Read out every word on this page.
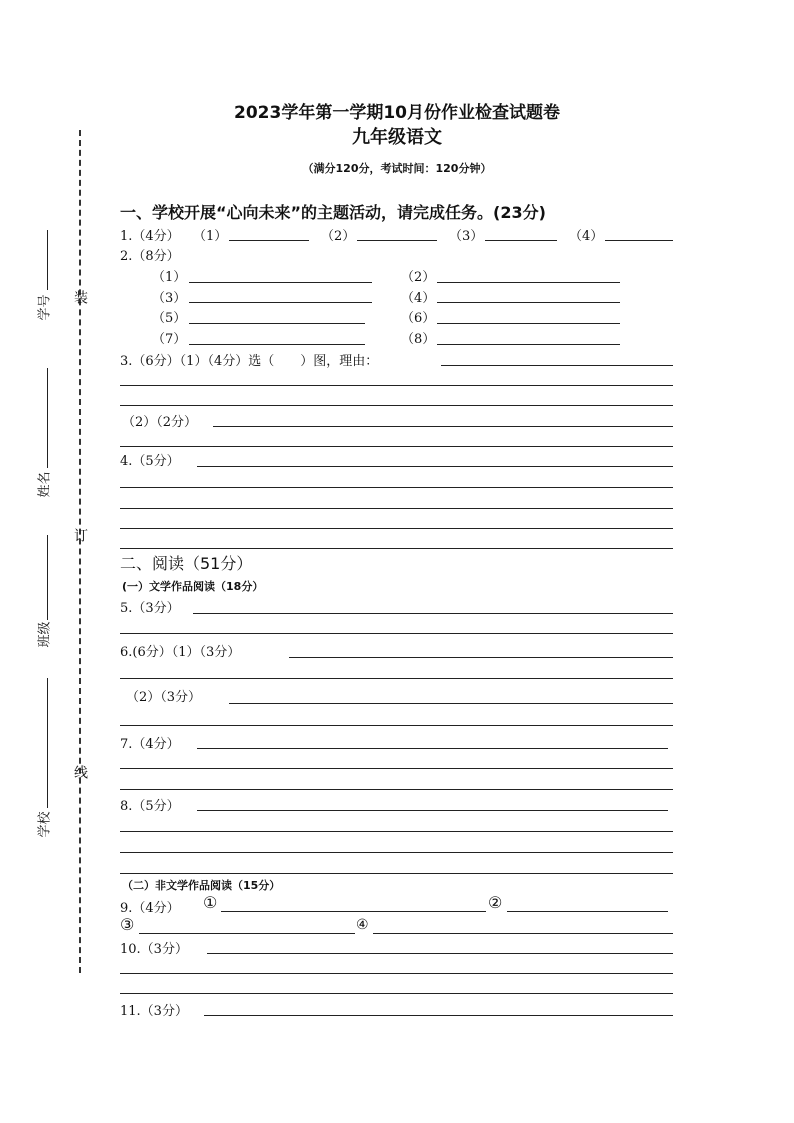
2023学年第一学期10月份作业检查试题卷
九年级语文
（满分120分，考试时间：120分钟）
装
订
线
学号
姓名
班级
学校
一、学校开展“心向未来”的主题活动，请完成任务。(23分)
1.（4分） （1）	（2）	（3）	（4）
2.（8分）
（1）	（2）
（3）	（4）
（5）	（6）
（7）	（8）
3.（6分）（1）（4分）选（　　）图，理由：
（2）（2分）
4.（5分）
二、阅读（51分）
(一）文学作品阅读（18分）
5.（3分）
6.(6分）（1）（3分）
（2）（3分）
7.（4分）
8.（5分）
（二）非文学作品阅读（15分）
9.（4分） ①	②
③	④
10.（3分）
11.（3分）
